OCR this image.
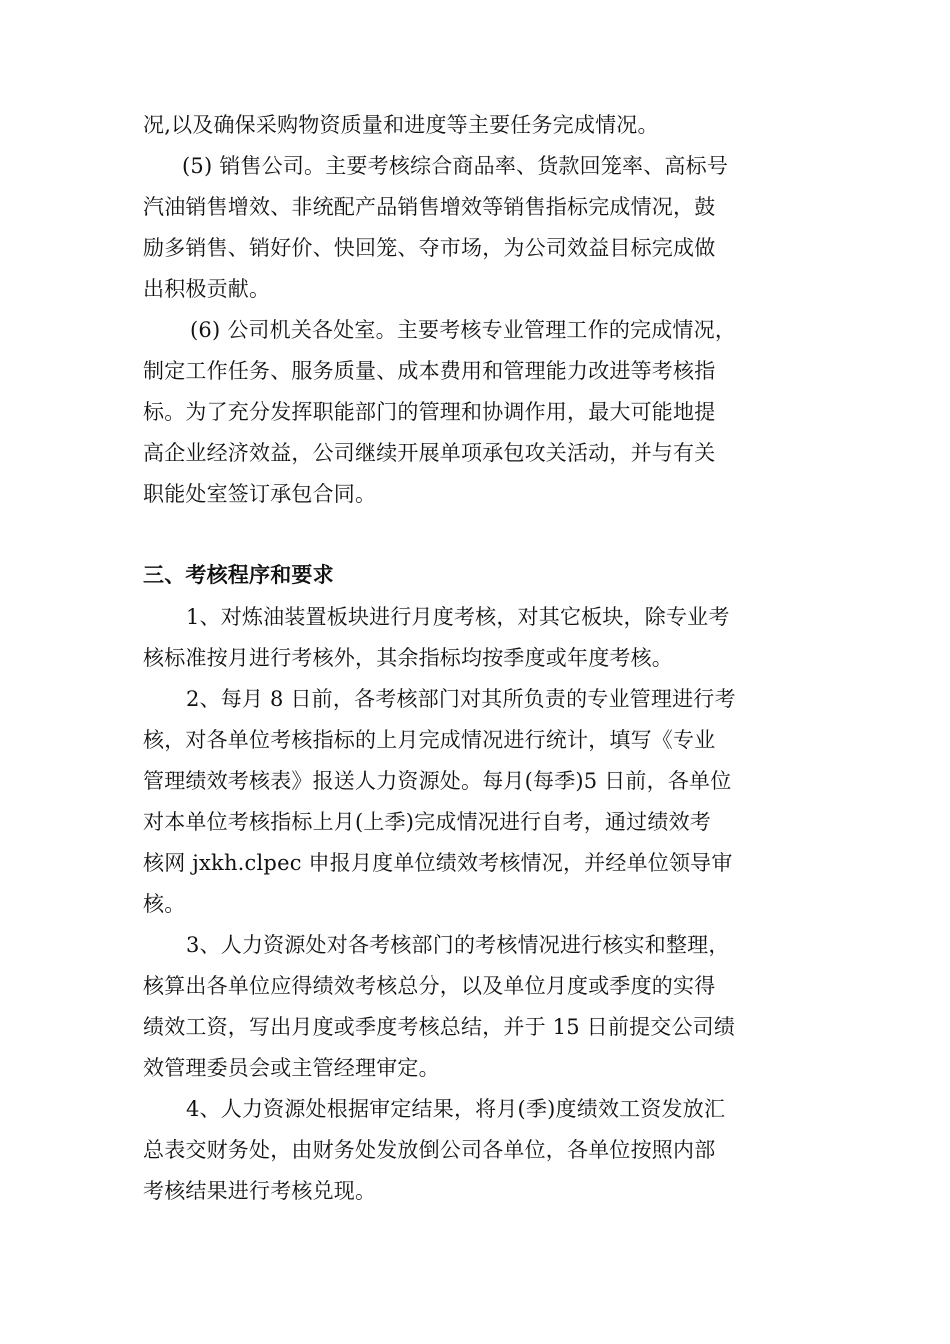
况,以及确保采购物资质量和进度等主要任务完成情况。
(5) 销售公司。主要考核综合商品率、货款回笼率、高标号
汽油销售增效、非统配产品销售增效等销售指标完成情况，鼓
励多销售、销好价、快回笼、夺市场，为公司效益目标完成做
出积极贡献。
(6) 公司机关各处室。主要考核专业管理工作的完成情况，
制定工作任务、服务质量、成本费用和管理能力改进等考核指
标。为了充分发挥职能部门的管理和协调作用，最大可能地提
高企业经济效益，公司继续开展单项承包攻关活动，并与有关
职能处室签订承包合同。
三、考核程序和要求
1、对炼油装置板块进行月度考核，对其它板块，除专业考
核标准按月进行考核外，其余指标均按季度或年度考核。
2、每月 8 日前，各考核部门对其所负责的专业管理进行考
核，对各单位考核指标的上月完成情况进行统计，填写《专业
管理绩效考核表》报送人力资源处。每月(每季)5 日前，各单位
对本单位考核指标上月(上季)完成情况进行自考，通过绩效考
核网 jxkh.clpec 申报月度单位绩效考核情况，并经单位领导审
核。
3、人力资源处对各考核部门的考核情况进行核实和整理，
核算出各单位应得绩效考核总分，以及单位月度或季度的实得
绩效工资，写出月度或季度考核总结，并于 15 日前提交公司绩
效管理委员会或主管经理审定。
4、人力资源处根据审定结果，将月(季)度绩效工资发放汇
总表交财务处，由财务处发放倒公司各单位，各单位按照内部
考核结果进行考核兑现。
